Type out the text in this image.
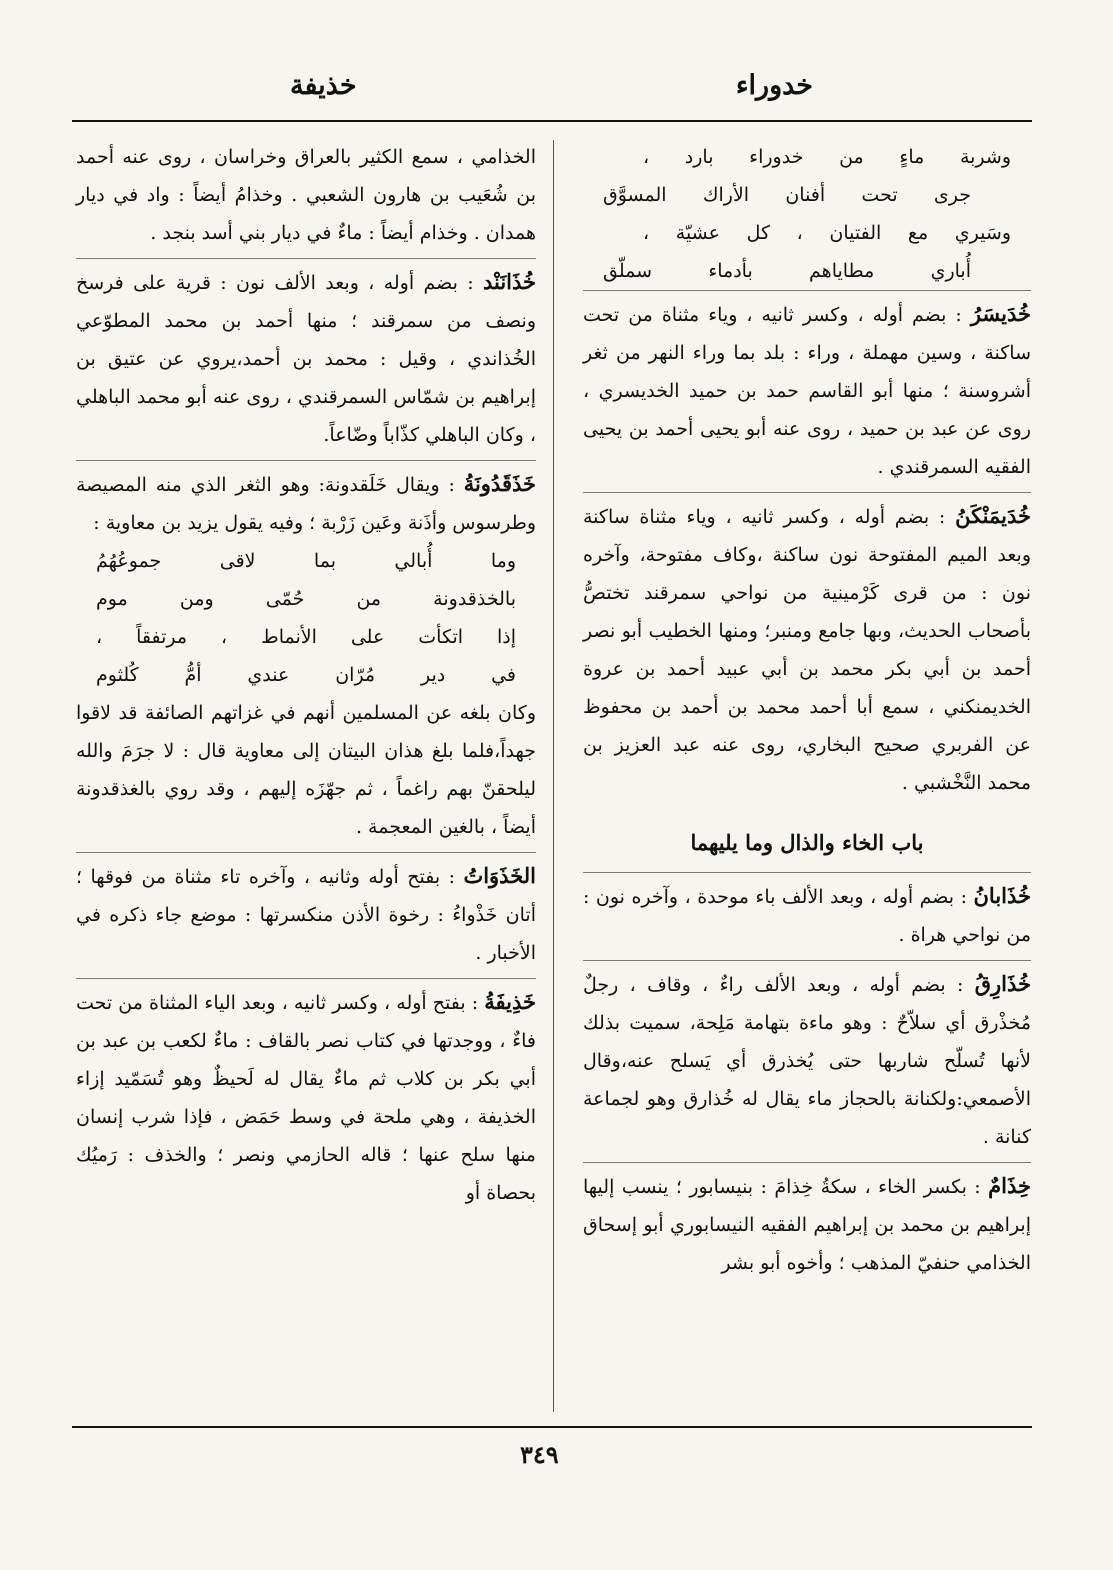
خدوراء
خذيفة
وشربة ماءٍ من خدوراء بارد ،
جرى تحت أفنان الأراك المسوَّق
وسَيري مع الفتيان ، كل عشيّة ،
أُباري مطاياهم بأدماء سملّق
خُدَيسَرُ : بضم أوله ، وكسر ثانيه ، وياء مثناة من تحت ساكنة ، وسين مهملة ، وراء : بلد بما وراء النهر من ثغر أشروسنة ؛ منها أبو القاسم حمد بن حميد الخديسري ، روى عن عبد بن حميد ، روى عنه أبو يحيى أحمد بن يحيى الفقيه السمرقندي .
خُدَيمَنْكَنُ : بضم أوله ، وكسر ثانيه ، وياء مثناة ساكنة وبعد الميم المفتوحة نون ساكنة ،وكاف مفتوحة، وآخره نون : من قرى كَرْمينية من نواحي سمرقند تختصُّ بأصحاب الحديث، وبها جامع ومنبر؛ ومنها الخطيب أبو نصر أحمد بن أبي بكر محمد بن أبي عبيد أحمد بن عروة الخديمنكني ، سمع أبا أحمد محمد بن أحمد بن محفوظ عن الفربري صحيح البخاري، روى عنه عبد العزيز بن محمد النَّخْشبي .
باب الخاء والذال وما يليهما
خُذَابانُ : بضم أوله ، وبعد الألف باء موحدة ، وآخره نون : من نواحي هراة .
خُذَارِقُ : بضم أوله ، وبعد الألف راءٌ ، وقاف ، رجلٌ مُخذْرق أي سلاّحٌ : وهو ماءة بتهامة مَلِحة، سميت بذلك لأنها تُسلّح شاربها حتى يُخذرق أي يَسلح عنه،وقال الأصمعي:ولكنانة بالحجاز ماء يقال له خُذارق وهو لجماعة كنانة .
خِذَامٌ : بكسر الخاء ، سكةُ خِذامَ : بنيسابور ؛ ينسب إليها إبراهيم بن محمد بن إبراهيم الفقيه النيسابوري أبو إسحاق الخذامي حنفيّ المذهب ؛ وأخوه أبو بشر
الخذامي ، سمع الكثير بالعراق وخراسان ، روى عنه أحمد بن شُعَيب بن هارون الشعبي . وخذامُ أيضاً : واد في ديار همدان . وخذام أيضاً : ماءٌ في ديار بني أسد بنجد .
خُذَانَنْد : بضم أوله ، وبعد الألف نون : قرية على فرسخ ونصف من سمرقند ؛ منها أحمد بن محمد المطوّعي الخُذاندي ، وقيل : محمد بن أحمد،يروي عن عتيق بن إبراهيم بن شمّاس السمرقندي ، روى عنه أبو محمد الباهلي ، وكان الباهلي كذّاباً وضّاعاً.
خَذَقَدُونَةُ : ويقال خَلَقدونة: وهو الثغر الذي منه المصيصة وطرسوس وأذَنة وعَين زَرْبة ؛ وفيه يقول يزيد بن معاوية :
وما أُبالي بما لاقى جموعُهُمُ
بالخذقدونة من حُمّى ومن موم
إذا اتكأت على الأنماط ، مرتفقاً ،
في دير مُرّان عندي أمُّ كُلثوم
وكان بلغه عن المسلمين أنهم في غزاتهم الصائفة قد لاقوا جهداً،فلما بلغ هذان البيتان إلى معاوية قال : لا جرَمَ والله ليلحقنّ بهم راغماً ، ثم جهّزَه إليهم ، وقد روي بالغذقدونة أيضاً ، بالغين المعجمة .
الخَذَوَاتُ : بفتح أوله وثانيه ، وآخره تاء مثناة من فوقها ؛ أتان خَذْواءُ : رخوة الأذن منكسرتها : موضع جاء ذكره في الأخبار .
خَذِيفَةُ : بفتح أوله ، وكسر ثانيه ، وبعد الياء المثناة من تحت فاءٌ ، ووجدتها في كتاب نصر بالقاف : ماءٌ لكعب بن عبد بن أبي بكر بن كلاب ثم ماءٌ يقال له لَحيظٌ وهو تُسَمّيد إزاء الخذيفة ، وهي ملحة في وسط حَمَض ، فإذا شرب إنسان منها سلح عنها ؛ قاله الحازمي ونصر ؛ والخذف : رَميُك بحصاة أو
٣٤٩
